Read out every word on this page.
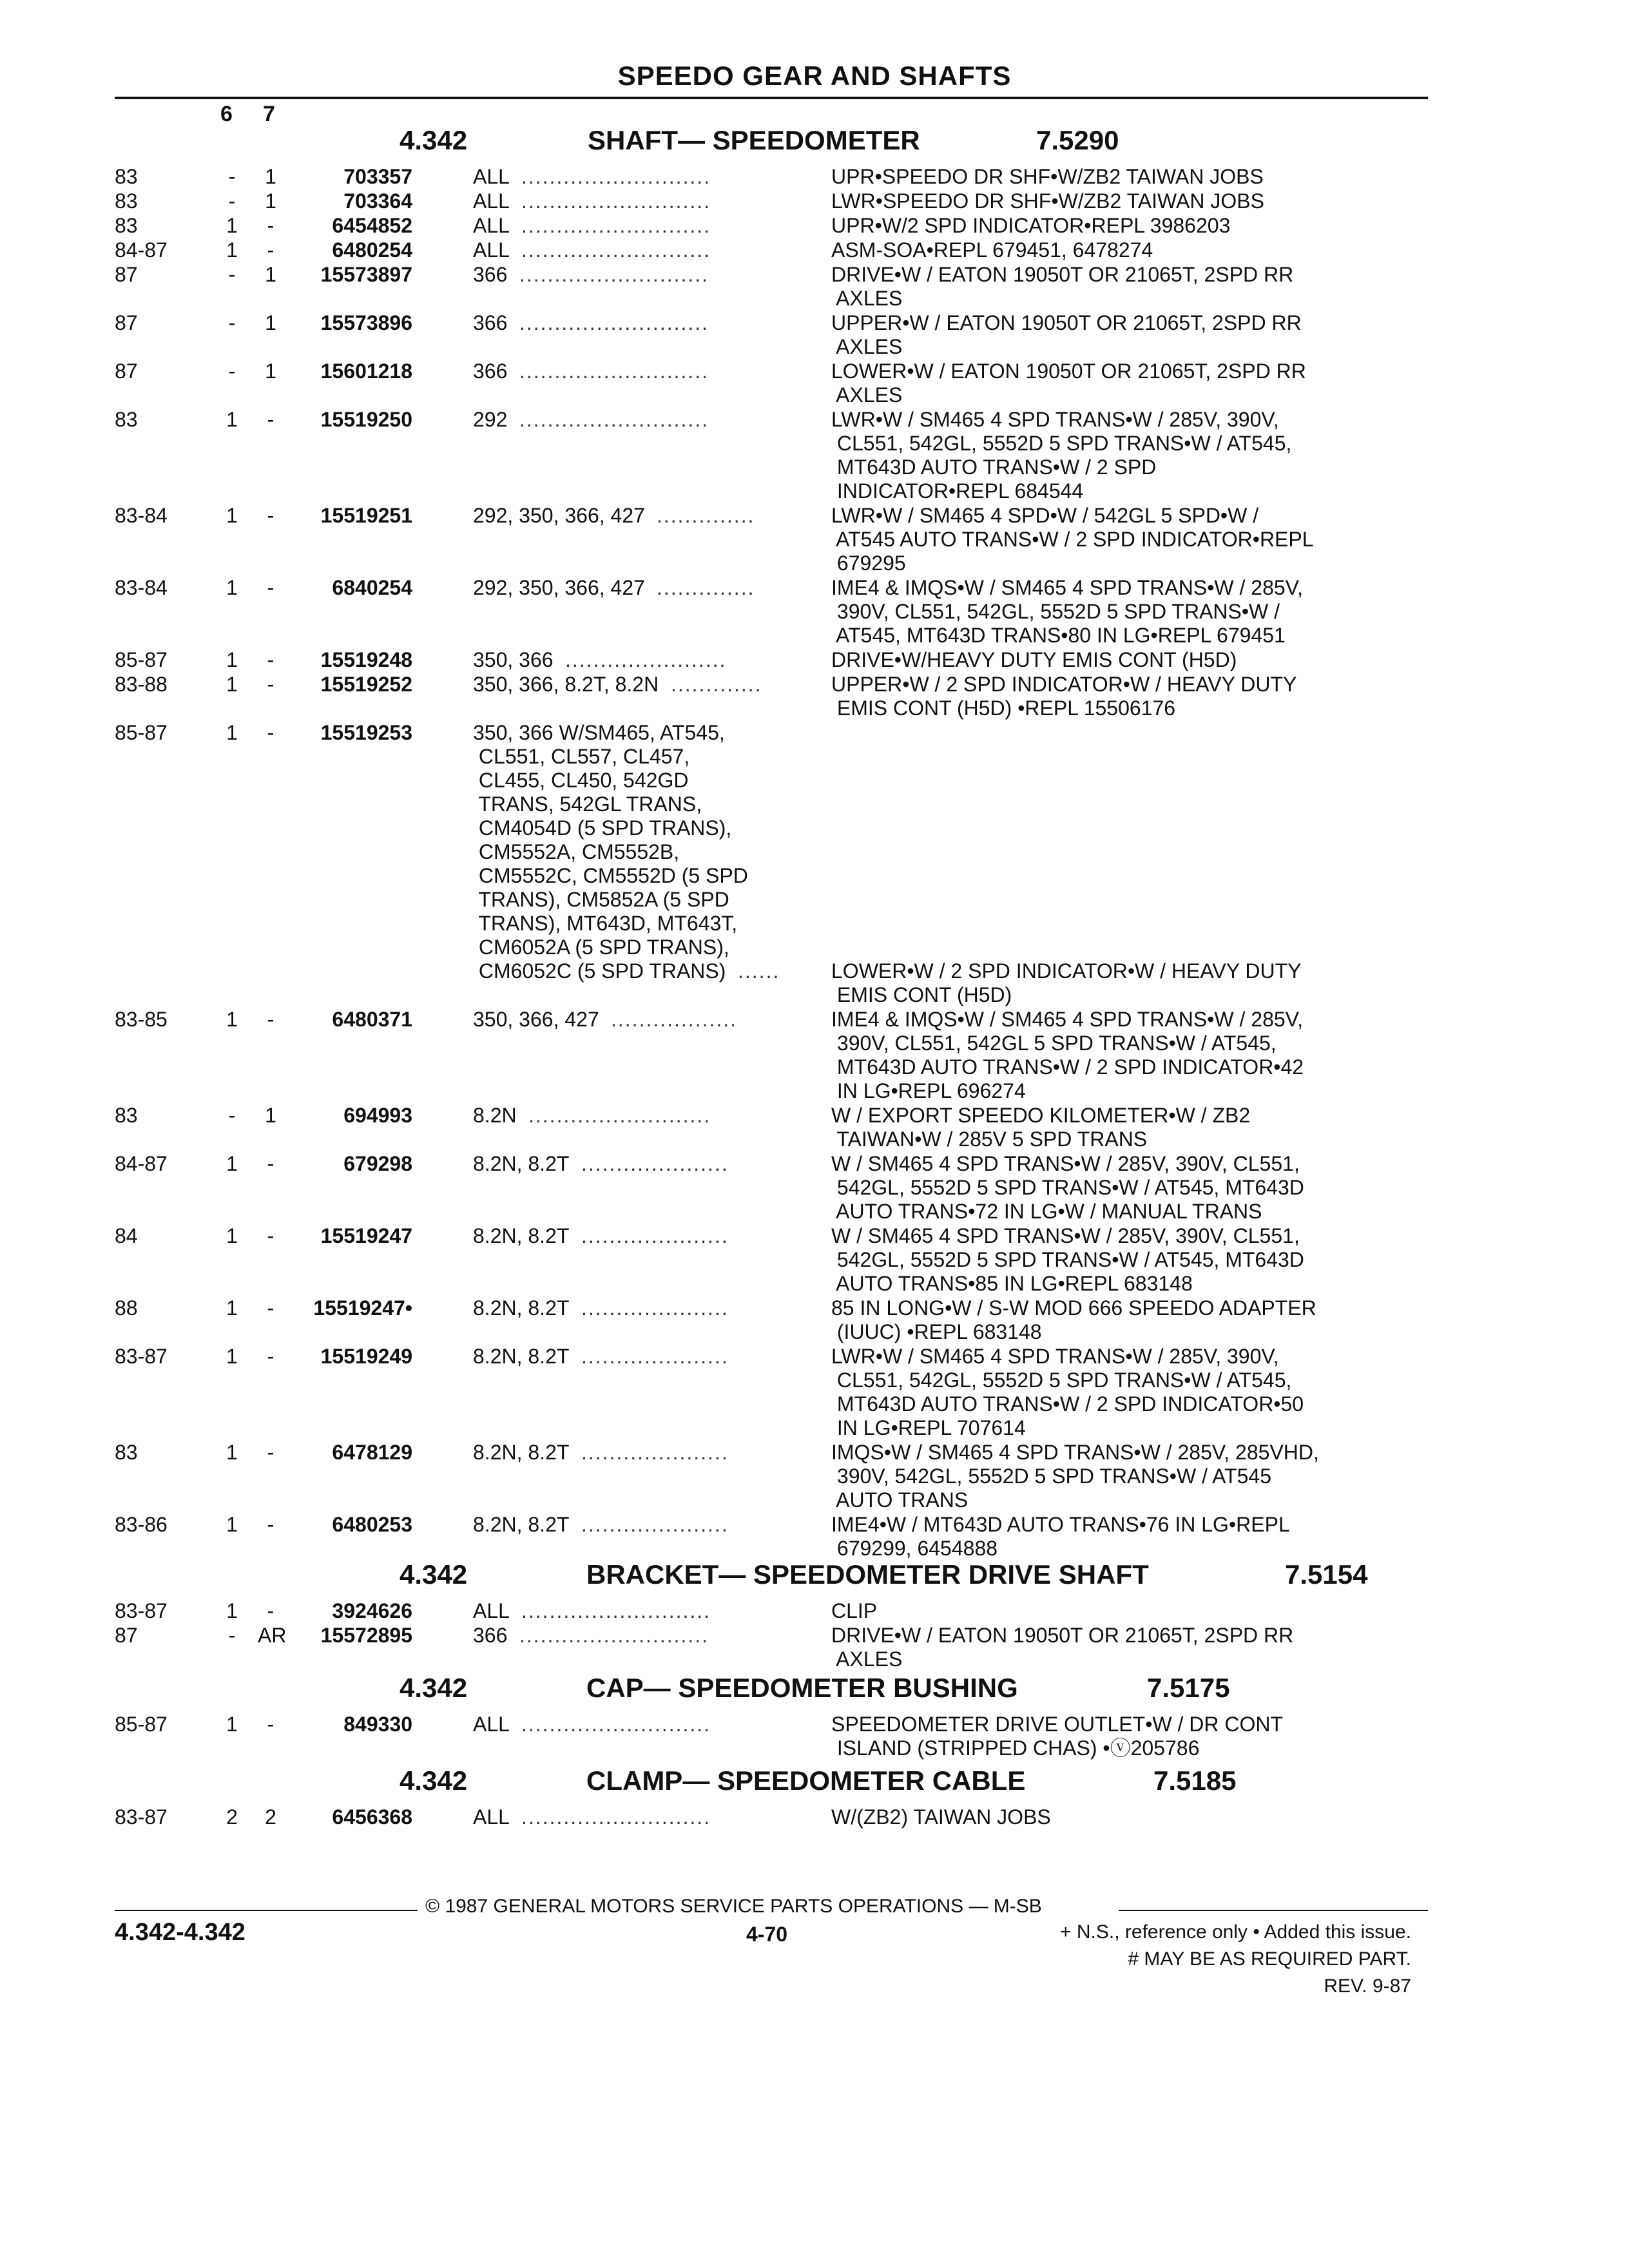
SPEEDO GEAR AND SHAFTS
6 7
4.342	SHAFT— SPEEDOMETER	7.5290
83	-	1	703357	ALL ...........................	UPR•SPEEDO DR SHF•W/ZB2 TAIWAN JOBS
83	-	1	703364	ALL ...........................	LWR•SPEEDO DR SHF•W/ZB2 TAIWAN JOBS
83	1	-	6454852	ALL ...........................	UPR•W/2 SPD INDICATOR•REPL 3986203
84-87	1	-	6480254	ALL ...........................	ASM-SOA•REPL 679451, 6478274
87	-	1	15573897	366 ...........................	DRIVE•W / EATON 19050T OR 21065T, 2SPD RR
AXLES
87	-	1	15573896	366 ...........................	UPPER•W / EATON 19050T OR 21065T, 2SPD RR
AXLES
87	-	1	15601218	366 ...........................	LOWER•W / EATON 19050T OR 21065T, 2SPD RR
AXLES
83	1	-	15519250	292 ...........................	LWR•W / SM465 4 SPD TRANS•W / 285V, 390V,
CL551, 542GL, 5552D 5 SPD TRANS•W / AT545,
MT643D AUTO TRANS•W / 2 SPD
INDICATOR•REPL 684544
83-84	1	-	15519251	292, 350, 366, 427 ..............	LWR•W / SM465 4 SPD•W / 542GL 5 SPD•W /
AT545 AUTO TRANS•W / 2 SPD INDICATOR•REPL
679295
83-84	1	-	6840254	292, 350, 366, 427 ..............	IME4 & IMQS•W / SM465 4 SPD TRANS•W / 285V,
390V, CL551, 542GL, 5552D 5 SPD TRANS•W /
AT545, MT643D TRANS•80 IN LG•REPL 679451
85-87	1	-	15519248	350, 366 .......................	DRIVE•W/HEAVY DUTY EMIS CONT (H5D)
83-88	1	-	15519252	350, 366, 8.2T, 8.2N .............	UPPER•W / 2 SPD INDICATOR•W / HEAVY DUTY
EMIS CONT (H5D) •REPL 15506176
85-87	1	-	15519253	350, 366 W/SM465, AT545,
CL551, CL557, CL457,
CL455, CL450, 542GD
TRANS, 542GL TRANS,
CM4054D (5 SPD TRANS),
CM5552A, CM5552B,
CM5552C, CM5552D (5 SPD
TRANS), CM5852A (5 SPD
TRANS), MT643D, MT643T,
CM6052A (5 SPD TRANS),
CM6052C (5 SPD TRANS) ...... LOWER•W / 2 SPD INDICATOR•W / HEAVY DUTY
EMIS CONT (H5D)
83-85	1	-	6480371	350, 366, 427 ..................	IME4 & IMQS•W / SM465 4 SPD TRANS•W / 285V,
390V, CL551, 542GL 5 SPD TRANS•W / AT545,
MT643D AUTO TRANS•W / 2 SPD INDICATOR•42
IN LG•REPL 696274
83	-	1	694993	8.2N ..........................	W / EXPORT SPEEDO KILOMETER•W / ZB2
TAIWAN•W / 285V 5 SPD TRANS
84-87	1	-	679298	8.2N, 8.2T .....................	W / SM465 4 SPD TRANS•W / 285V, 390V, CL551,
542GL, 5552D 5 SPD TRANS•W / AT545, MT643D
AUTO TRANS•72 IN LG•W / MANUAL TRANS
84	1	-	15519247	8.2N, 8.2T .....................	W / SM465 4 SPD TRANS•W / 285V, 390V, CL551,
542GL, 5552D 5 SPD TRANS•W / AT545, MT643D
AUTO TRANS•85 IN LG•REPL 683148
88	1	-	15519247•	8.2N, 8.2T .....................	85 IN LONG•W / S-W MOD 666 SPEEDO ADAPTER
(IUUC) •REPL 683148
83-87	1	-	15519249	8.2N, 8.2T .....................	LWR•W / SM465 4 SPD TRANS•W / 285V, 390V,
CL551, 542GL, 5552D 5 SPD TRANS•W / AT545,
MT643D AUTO TRANS•W / 2 SPD INDICATOR•50
IN LG•REPL 707614
83	1	-	6478129	8.2N, 8.2T .....................	IMQS•W / SM465 4 SPD TRANS•W / 285V, 285VHD,
390V, 542GL, 5552D 5 SPD TRANS•W / AT545
AUTO TRANS
83-86	1	-	6480253	8.2N, 8.2T .....................	IME4•W / MT643D AUTO TRANS•76 IN LG•REPL
679299, 6454888
4.342	BRACKET— SPEEDOMETER DRIVE SHAFT	7.5154
83-87	1	-	3924626	ALL ...........................	CLIP
87	-	AR	15572895	366 ...........................	DRIVE•W / EATON 19050T OR 21065T, 2SPD RR
AXLES
4.342	CAP— SPEEDOMETER BUSHING	7.5175
85-87	1	-	849330	ALL ...........................	SPEEDOMETER DRIVE OUTLET•W / DR CONT
ISLAND (STRIPPED CHAS) •ⓥ205786
4.342	CLAMP— SPEEDOMETER CABLE	7.5185
83-87	2	2	6456368	ALL ...........................	W/(ZB2) TAIWAN JOBS
© 1987 GENERAL MOTORS SERVICE PARTS OPERATIONS — M-SB
4.342-4.342	4-70	+ N.S., reference only • Added this issue.
# MAY BE AS REQUIRED PART.
REV. 9-87
